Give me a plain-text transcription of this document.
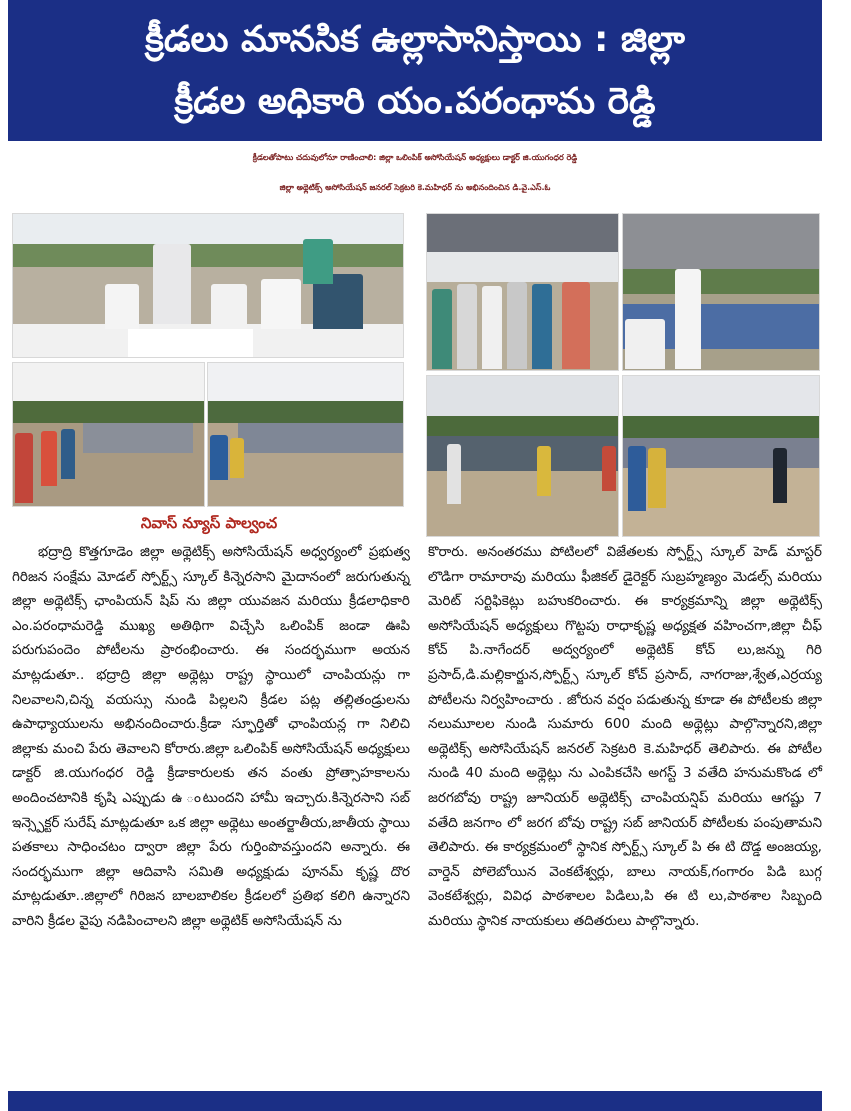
క్రీడలు మానసిక ఉల్లాసానిస్తాయి : జిల్లా
క్రీడల అధికారి యం.పరంధామ రెడ్డి
క్రీడలతోపాటు చదువులోనూ రాణించాలి: జిల్లా ఒలింపిక్ అసోసియేషన్ అధ్యక్షులు డాక్టర్ జి.యుగంధర రెడ్డి
జిల్లా అథ్లెటిక్స్ అసోసియేషన్ జనరల్ సెక్రటరి కె.మహిధర్ ను అభినందించిన డి.వై.ఎస్.ఓ
నివాస్ న్యూస్ పాల్వంచ
భద్రాద్రి కొత్తగూడెం జిల్లా అథ్లెటిక్స్ అసోసియేషన్ అధ్వర్యంలో ప్రభుత్వ గిరిజన సంక్షేమ మోడల్ స్పోర్ట్స్ స్కూల్ కిన్నెరసాని మైదానంలో జరుగుతున్న జిల్లా అథ్లెటిక్స్ ఛాంపియన్ షిప్ ను జిల్లా యువజన మరియు క్రీడలాధికారి ఎం.పరంధామరెడ్డి ముఖ్య అతిథిగా విచ్చేసి ఒలింపిక్ జండా ఊపి పరుగుపందెం పోటీలను ప్రారంభించారు. ఈ సందర్భముగా అయన మాట్లడుతూ.. భద్రాద్రి జిల్లా అథ్లెట్లు రాష్ట్ర స్థాయిలో చాంపియన్లు గా నిలవాలని,చిన్న వయస్సు నుండి పిల్లలని క్రీడల పట్ల తల్లితండ్రులను ఉపాధ్యాయులను అభినందించారు.క్రీడా స్ఫూర్తితో ఛాంపియన్ల గా నిలిచి జిల్లాకు మంచి పేరు తెవాలని కోరారు.జిల్లా ఒలింపిక్ అసోసియేషన్ అధ్యక్షులు డాక్టర్ జి.యుగంధర రెడ్డి క్రీడాకారులకు తన వంతు ప్రోత్సాహకాలను అందించటానికి కృషి ఎప్పుడు ఉ ంటుందని హామీ ఇచ్చారు.కిన్నెరసాని సబ్ ఇన్స్పెక్టర్ సురేష్ మాట్లడుతూ ఒక జిల్లా అథ్లెటు అంతర్జాతీయ,జాతీయ స్థాయి పతకాలు సాధించటం ద్వారా జిల్లా పేరు గుర్తింపొవస్తుందని అన్నారు. ఈ సందర్భముగా జిల్లా ఆదివాసి సమితి అధ్యక్షుడు పూనమ్ కృష్ణ దొర మాట్లడుతూ..జిల్లాలో గిరిజన బాలబాలికల క్రీడలలో ప్రతిభ కలిగి ఉన్నారని వారిని క్రీడల వైపు నడిపించాలని జిల్లా అథ్లెటిక్ అసోసియేషన్ ను
కొరారు. అనంతరము పోటిలలో విజేతలకు స్పోర్ట్స్ స్కూల్ హెడ్ మాస్టర్ లొడిగా రామారావు మరియు ఫీజికల్ డైరెక్టర్ సుబ్రహ్మణ్యం మెడల్స్ మరియు మెరిట్ సర్టిఫికెట్లు బహుకరించారు. ఈ కార్యక్రమాన్ని జిల్లా అథ్లెటిక్స్ అసోసియేషన్ అధ్యక్షులు గొట్టపు రాధాకృష్ణ అధ్యక్షత వహించగా,జిల్లా చీఫ్ కోచ్ పి.నాగేందర్ అద్వర్యంలో అథ్లెటిక్ కోచ్ లు,జన్ను గిరి ప్రసాద్,డి.మల్లికార్జున,స్పోర్ట్స్ స్కూల్ కోచ్ ప్రసాద్, నాగరాజు,శ్వేత,ఎర్రయ్య పోటీలను నిర్వహించారు . జోరున వర్షం పడుతున్న కూడా ఈ పోటీలకు జిల్లా నలుమూలల నుండి సుమారు 600 మంది అథ్లెట్లు పాల్గొన్నారని,జిల్లా అథ్లెటిక్స్ అసోసియేషన్ జనరల్ సెక్రటరి కె.మహిధర్ తెలిపారు. ఈ పోటీల నుండి 40 మంది అథ్లెట్లు ను ఎంపికచేసి అగస్ట్ 3 వతేది హనుమకొండ లో జరగబోవు రాష్ట్ర జూనియర్ అథ్లెటిక్స్ చాంపియన్షిప్ మరియు ఆగష్టు 7 వతేది జనగాం లో జరగ బోవు రాష్ట్ర సబ్ జానియర్ పోటీలకు పంపుతామని తెలిపారు. ఈ కార్యక్రమంలో స్థానిక స్పోర్ట్స్ స్కూల్ పి ఈ టి దొడ్డ అంజయ్య, వార్డెన్ పోలెబోయిన వెంకటేశ్వర్లు, బాలు నాయక్,గంగారం పిడి బుగ్గ వెంకటేశ్వర్లు, వివిధ పాఠశాలల పిడిలు,పి ఈ టి లు,పాఠశాల సిబ్బంది మరియు స్థానిక నాయకులు తదితరులు పాల్గొన్నారు.
